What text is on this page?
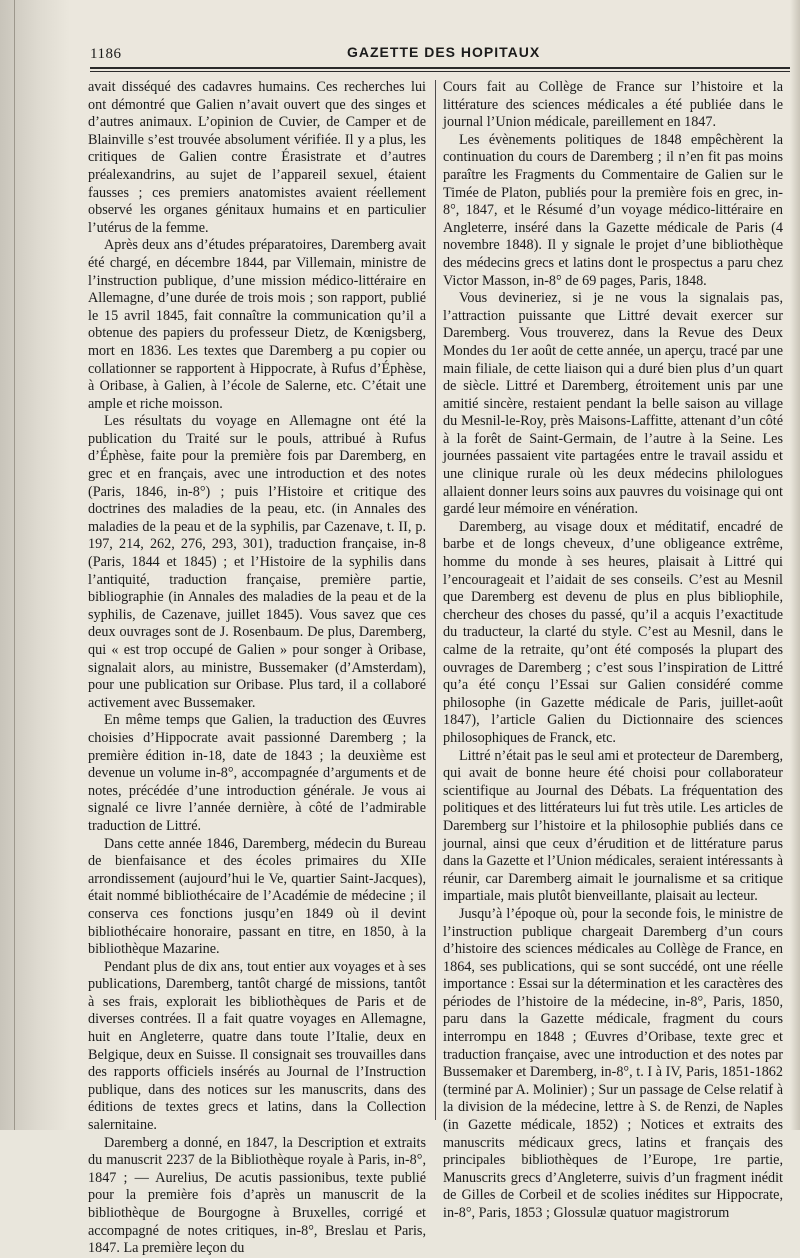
1186	GAZETTE DES HOPITAUX

avait disséqué des cadavres humains. Ces recherches lui ont démontré que Galien n’avait ouvert que des singes et d’autres animaux. L’opinion de Cuvier, de Camper et de Blainville s’est trouvée absolument vérifiée. Il y a plus, les critiques de Galien contre Érasistrate et d’autres préalexandrins, au sujet de l’appareil sexuel, étaient fausses ; ces premiers anatomistes avaient réellement observé les organes génitaux humains et en particulier l’utérus de la femme.

Après deux ans d’études préparatoires, Daremberg avait été chargé, en décembre 1844, par Villemain, ministre de l’instruction publique, d’une mission médico-littéraire en Allemagne, d’une durée de trois mois ; son rapport, publié le 15 avril 1845, fait connaître la communication qu’il a obtenue des papiers du professeur Dietz, de Kœnigsberg, mort en 1836. Les textes que Daremberg a pu copier ou collationner se rapportent à Hippocrate, à Rufus d’Éphèse, à Oribase, à Galien, à l’école de Salerne, etc. C’était une ample et riche moisson.

Les résultats du voyage en Allemagne ont été la publication du Traité sur le pouls, attribué à Rufus d’Éphèse, faite pour la première fois par Daremberg, en grec et en français, avec une introduction et des notes (Paris, 1846, in-8°) ; puis l’Histoire et critique des doctrines des maladies de la peau, etc. (in Annales des maladies de la peau et de la syphilis, par Cazenave, t. II, p. 197, 214, 262, 276, 293, 301), traduction française, in-8 (Paris, 1844 et 1845) ; et l’Histoire de la syphilis dans l’antiquité, traduction française, première partie, bibliographie (in Annales des maladies de la peau et de la syphilis, de Cazenave, juillet 1845). Vous savez que ces deux ouvrages sont de J. Rosenbaum. De plus, Daremberg, qui « est trop occupé de Galien » pour songer à Oribase, signalait alors, au ministre, Bussemaker (d’Amsterdam), pour une publication sur Oribase. Plus tard, il a collaboré activement avec Bussemaker.

En même temps que Galien, la traduction des Œuvres choisies d’Hippocrate avait passionné Daremberg ; la première édition in-18, date de 1843 ; la deuxième est devenue un volume in-8°, accompagnée d’arguments et de notes, précédée d’une introduction générale. Je vous ai signalé ce livre l’année dernière, à côté de l’admirable traduction de Littré.

Dans cette année 1846, Daremberg, médecin du Bureau de bienfaisance et des écoles primaires du XIIe arrondissement (aujourd’hui le Ve, quartier Saint-Jacques), était nommé bibliothécaire de l’Académie de médecine ; il conserva ces fonctions jusqu’en 1849 où il devint bibliothécaire honoraire, passant en titre, en 1850, à la bibliothèque Mazarine.

Pendant plus de dix ans, tout entier aux voyages et à ses publications, Daremberg, tantôt chargé de missions, tantôt à ses frais, explorait les bibliothèques de Paris et de diverses contrées. Il a fait quatre voyages en Allemagne, huit en Angleterre, quatre dans toute l’Italie, deux en Belgique, deux en Suisse. Il consignait ses trouvailles dans des rapports officiels insérés au Journal de l’Instruction publique, dans des notices sur les manuscrits, dans des éditions de textes grecs et latins, dans la Collection salernitaine.

Daremberg a donné, en 1847, la Description et extraits du manuscrit 2237 de la Bibliothèque royale à Paris, in-8°, 1847 ; — Aurelius, De acutis passionibus, texte publié pour la première fois d’après un manuscrit de la bibliothèque de Bourgogne à Bruxelles, corrigé et accompagné de notes critiques, in-8°, Breslau et Paris, 1847. La première leçon du

Cours fait au Collège de France sur l’histoire et la littérature des sciences médicales a été publiée dans le journal l’Union médicale, pareillement en 1847.

Les évènements politiques de 1848 empêchèrent la continuation du cours de Daremberg ; il n’en fit pas moins paraître les Fragments du Commentaire de Galien sur le Timée de Platon, publiés pour la première fois en grec, in-8°, 1847, et le Résumé d’un voyage médico-littéraire en Angleterre, inséré dans la Gazette médicale de Paris (4 novembre 1848). Il y signale le projet d’une bibliothèque des médecins grecs et latins dont le prospectus a paru chez Victor Masson, in-8° de 69 pages, Paris, 1848.

Vous devineriez, si je ne vous la signalais pas, l’attraction puissante que Littré devait exercer sur Daremberg. Vous trouverez, dans la Revue des Deux Mondes du 1er août de cette année, un aperçu, tracé par une main filiale, de cette liaison qui a duré bien plus d’un quart de siècle. Littré et Daremberg, étroitement unis par une amitié sincère, restaient pendant la belle saison au village du Mesnil-le-Roy, près Maisons-Laffitte, attenant d’un côté à la forêt de Saint-Germain, de l’autre à la Seine. Les journées passaient vite partagées entre le travail assidu et une clinique rurale où les deux médecins philologues allaient donner leurs soins aux pauvres du voisinage qui ont gardé leur mémoire en vénération.

Daremberg, au visage doux et méditatif, encadré de barbe et de longs cheveux, d’une obligeance extrême, homme du monde à ses heures, plaisait à Littré qui l’encourageait et l’aidait de ses conseils. C’est au Mesnil que Daremberg est devenu de plus en plus bibliophile, chercheur des choses du passé, qu’il a acquis l’exactitude du traducteur, la clarté du style. C’est au Mesnil, dans le calme de la retraite, qu’ont été composés la plupart des ouvrages de Daremberg ; c’est sous l’inspiration de Littré qu’a été conçu l’Essai sur Galien considéré comme philosophe (in Gazette médicale de Paris, juillet-août 1847), l’article Galien du Dictionnaire des sciences philosophiques de Franck, etc.

Littré n’était pas le seul ami et protecteur de Daremberg, qui avait de bonne heure été choisi pour collaborateur scientifique au Journal des Débats. La fréquentation des politiques et des littérateurs lui fut très utile. Les articles de Daremberg sur l’histoire et la philosophie publiés dans ce journal, ainsi que ceux d’érudition et de littérature parus dans la Gazette et l’Union médicales, seraient intéressants à réunir, car Daremberg aimait le journalisme et sa critique impartiale, mais plutôt bienveillante, plaisait au lecteur.

Jusqu’à l’époque où, pour la seconde fois, le ministre de l’instruction publique chargeait Daremberg d’un cours d’histoire des sciences médicales au Collège de France, en 1864, ses publications, qui se sont succédé, ont une réelle importance : Essai sur la détermination et les caractères des périodes de l’histoire de la médecine, in-8°, Paris, 1850, paru dans la Gazette médicale, fragment du cours interrompu en 1848 ; Œuvres d’Oribase, texte grec et traduction française, avec une introduction et des notes par Bussemaker et Daremberg, in-8°, t. I à IV, Paris, 1851-1862 (terminé par A. Molinier) ; Sur un passage de Celse relatif à la division de la médecine, lettre à S. de Renzi, de Naples (in Gazette médicale, 1852) ; Notices et extraits des manuscrits médicaux grecs, latins et français des principales bibliothèques de l’Europe, 1re partie, Manuscrits grecs d’Angleterre, suivis d’un fragment inédit de Gilles de Corbeil et de scolies inédites sur Hippocrate, in-8°, Paris, 1853 ; Glossulæ quatuor magistrorum
